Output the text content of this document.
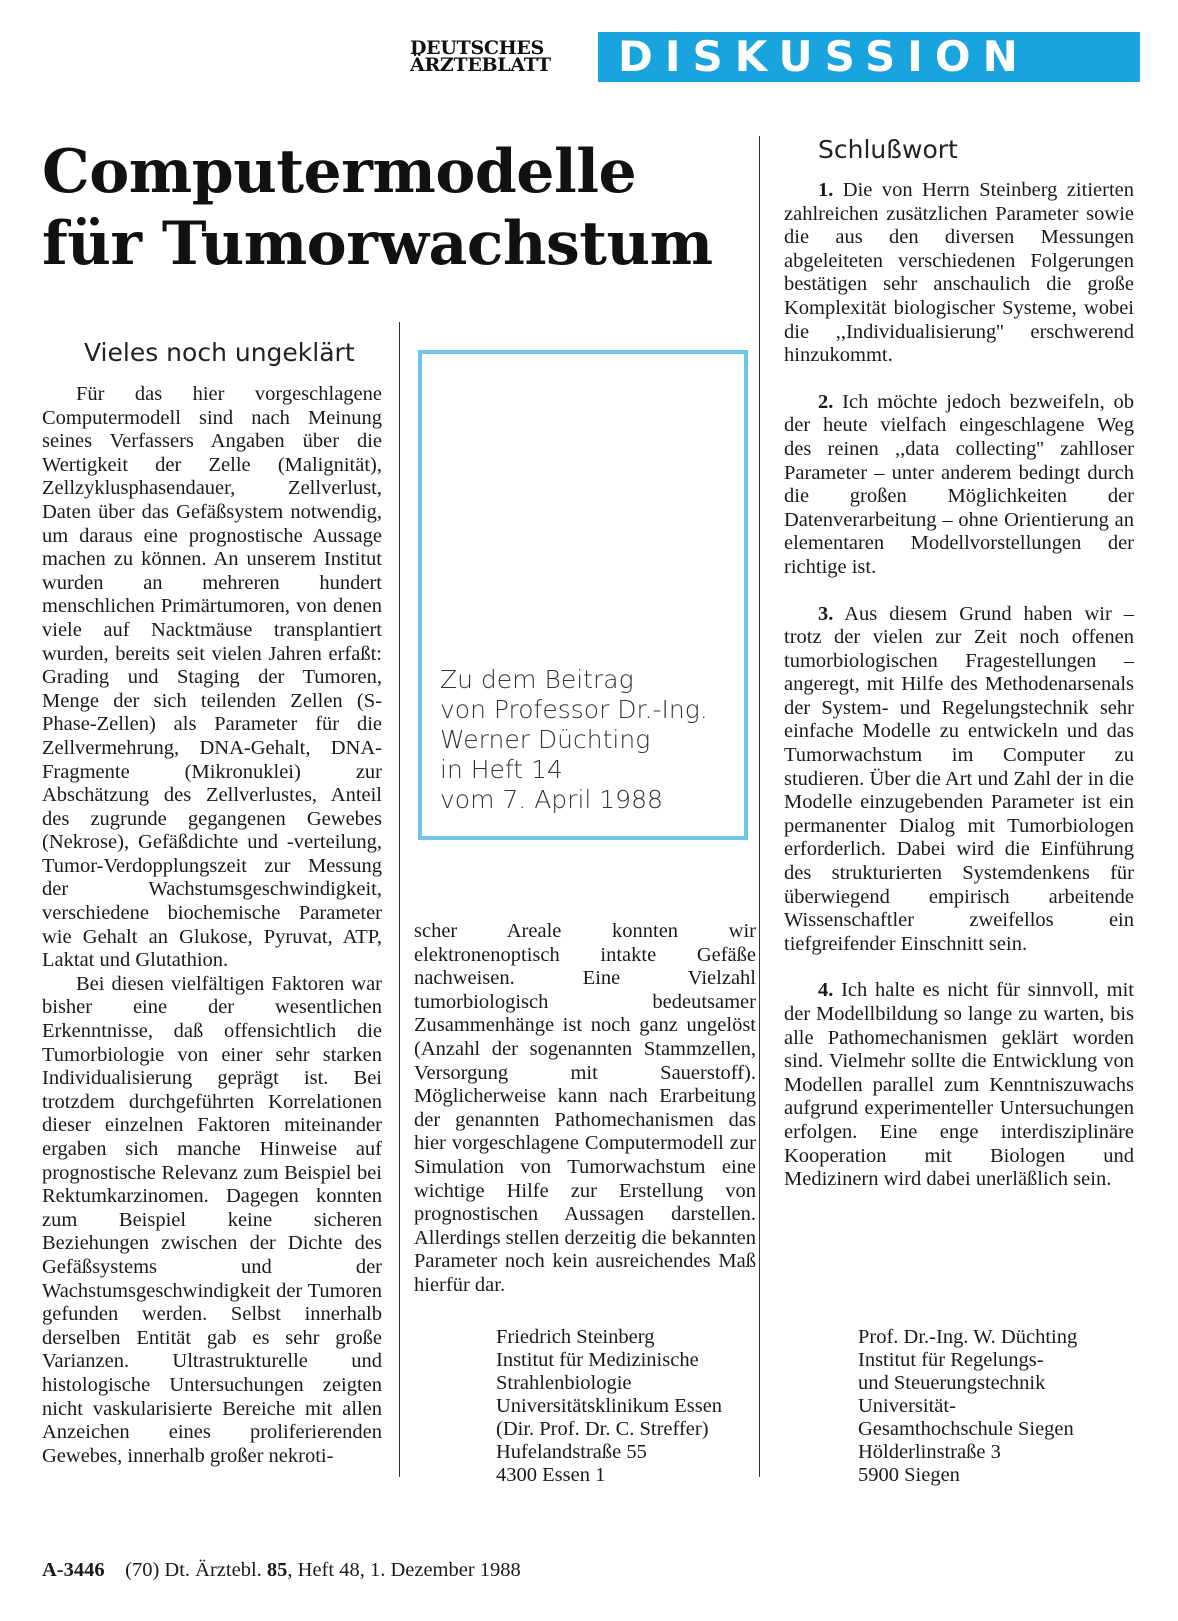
DEUTSCHES
ÄRZTEBLATT DISKUSSION
Computermodelle
für Tumorwachstum
Vieles noch ungeklärt

Für das hier vorgeschlagene Computermodell sind nach Meinung seines Verfassers Angaben über die Wertigkeit der Zelle (Malignität), Zellzyklusphasendauer, Zellverlust, Daten über das Gefäßsystem notwendig, um daraus eine prognostische Aussage machen zu können. An unserem Institut wurden an mehreren hundert menschlichen Primärtumoren, von denen viele auf Nacktmäuse transplantiert wurden, bereits seit vielen Jahren erfaßt: Grading und Staging der Tumoren, Menge der sich teilenden Zellen (S-Phase-Zellen) als Parameter für die Zellvermehrung, DNA-Gehalt, DNA-Fragmente (Mikronuklei) zur Abschätzung des Zellverlustes, Anteil des zugrunde gegangenen Gewebes (Nekrose), Gefäßdichte und -verteilung, Tumor-Verdopplungszeit zur Messung der Wachstumsgeschwindigkeit, verschiedene biochemische Parameter wie Gehalt an Glukose, Pyruvat, ATP, Laktat und Glutathion.

Bei diesen vielfältigen Faktoren war bisher eine der wesentlichen Erkenntnisse, daß offensichtlich die Tumorbiologie von einer sehr starken Individualisierung geprägt ist. Bei trotzdem durchgeführten Korrelationen dieser einzelnen Faktoren miteinander ergaben sich manche Hinweise auf prognostische Relevanz zum Beispiel bei Rektumkarzinomen. Dagegen konnten zum Beispiel keine sicheren Beziehungen zwischen der Dichte des Gefäßsystems und der Wachstumsgeschwindigkeit der Tumoren gefunden werden. Selbst innerhalb derselben Entität gab es sehr große Varianzen. Ultrastrukturelle und histologische Untersuchungen zeigten nicht vaskularisierte Bereiche mit allen Anzeichen eines proliferierenden Gewebes, innerhalb großer nekroti-

Zu dem Beitrag
von Professor Dr.-Ing.
Werner Düchting
in Heft 14
vom 7. April 1988

scher Areale konnten wir elektronenoptisch intakte Gefäße nachweisen. Eine Vielzahl tumorbiologisch bedeutsamer Zusammenhänge ist noch ganz ungelöst (Anzahl der sogenannten Stammzellen, Versorgung mit Sauerstoff). Möglicherweise kann nach Erarbeitung der genannten Pathomechanismen das hier vorgeschlagene Computermodell zur Simulation von Tumorwachstum eine wichtige Hilfe zur Erstellung von prognostischen Aussagen darstellen. Allerdings stellen derzeitig die bekannten Parameter noch kein ausreichendes Maß hierfür dar.

Friedrich Steinberg
Institut für Medizinische
Strahlenbiologie
Universitätsklinikum Essen
(Dir. Prof. Dr. C. Streffer)
Hufelandstraße 55
4300 Essen 1
Schlußwort

1. Die von Herrn Steinberg zitierten zahlreichen zusätzlichen Parameter sowie die aus den diversen Messungen abgeleiteten verschiedenen Folgerungen bestätigen sehr anschaulich die große Komplexität biologischer Systeme, wobei die ,,Individualisierung'' erschwerend hinzukommt.

2. Ich möchte jedoch bezweifeln, ob der heute vielfach eingeschlagene Weg des reinen ,,data collecting'' zahlloser Parameter – unter anderem bedingt durch die großen Möglichkeiten der Datenverarbeitung – ohne Orientierung an elementaren Modellvorstellungen der richtige ist.

3. Aus diesem Grund haben wir – trotz der vielen zur Zeit noch offenen tumorbiologischen Fragestellungen – angeregt, mit Hilfe des Methodenarsenals der System- und Regelungstechnik sehr einfache Modelle zu entwickeln und das Tumorwachstum im Computer zu studieren. Über die Art und Zahl der in die Modelle einzugebenden Parameter ist ein permanenter Dialog mit Tumorbiologen erforderlich. Dabei wird die Einführung des strukturierten Systemdenkens für überwiegend empirisch arbeitende Wissenschaftler zweifellos ein tiefgreifender Einschnitt sein.

4. Ich halte es nicht für sinnvoll, mit der Modellbildung so lange zu warten, bis alle Pathomechanismen geklärt worden sind. Vielmehr sollte die Entwicklung von Modellen parallel zum Kenntniszuwachs aufgrund experimenteller Untersuchungen erfolgen. Eine enge interdisziplinäre Kooperation mit Biologen und Medizinern wird dabei unerläßlich sein.

Prof. Dr.-Ing. W. Düchting
Institut für Regelungs-
und Steuerungstechnik
Universität-
Gesamthochschule Siegen
Hölderlinstraße 3
5900 Siegen
A-3446 (70) Dt. Ärztebl. 85, Heft 48, 1. Dezember 1988
